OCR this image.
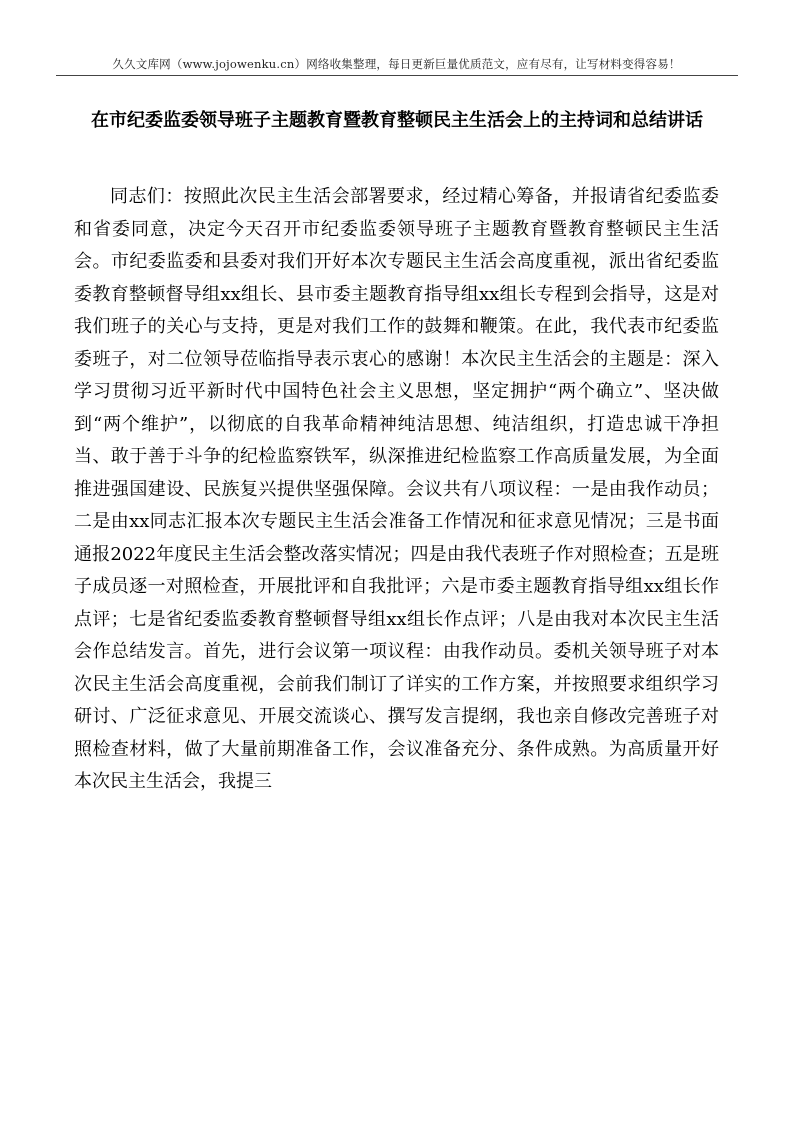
久久文库网（www.jojowenku.cn）网络收集整理，每日更新巨量优质范文，应有尽有，让写材料变得容易！
在市纪委监委领导班子主题教育暨教育整顿民主生活会上的主持词和总结讲话

同志们：按照此次民主生活会部署要求，经过精心筹备，并报请省纪委监委和省委同意，决定今天召开市纪委监委领导班子主题教育暨教育整顿民主生活会。市纪委监委和县委对我们开好本次专题民主生活会高度重视，派出省纪委监委教育整顿督导组xx组长、县市委主题教育指导组xx组长专程到会指导，这是对我们班子的关心与支持，更是对我们工作的鼓舞和鞭策。在此，我代表市纪委监委班子，对二位领导莅临指导表示衷心的感谢！本次民主生活会的主题是：深入学习贯彻习近平新时代中国特色社会主义思想，坚定拥护“两个确立”、坚决做到“两个维护”，以彻底的自我革命精神纯洁思想、纯洁组织，打造忠诚干净担当、敢于善于斗争的纪检监察铁军，纵深推进纪检监察工作高质量发展，为全面推进强国建设、民族复兴提供坚强保障。会议共有八项议程：一是由我作动员；二是由xx同志汇报本次专题民主生活会准备工作情况和征求意见情况；三是书面通报2022年度民主生活会整改落实情况；四是由我代表班子作对照检查；五是班子成员逐一对照检查，开展批评和自我批评；六是市委主题教育指导组xx组长作点评；七是省纪委监委教育整顿督导组xx组长作点评；八是由我对本次民主生活会作总结发言。首先，进行会议第一项议程：由我作动员。委机关领导班子对本次民主生活会高度重视，会前我们制订了详实的工作方案，并按照要求组织学习研讨、广泛征求意见、开展交流谈心、撰写发言提纲，我也亲自修改完善班子对照检查材料，做了大量前期准备工作，会议准备充分、条件成熟。为高质量开好本次民主生活会，我提三
